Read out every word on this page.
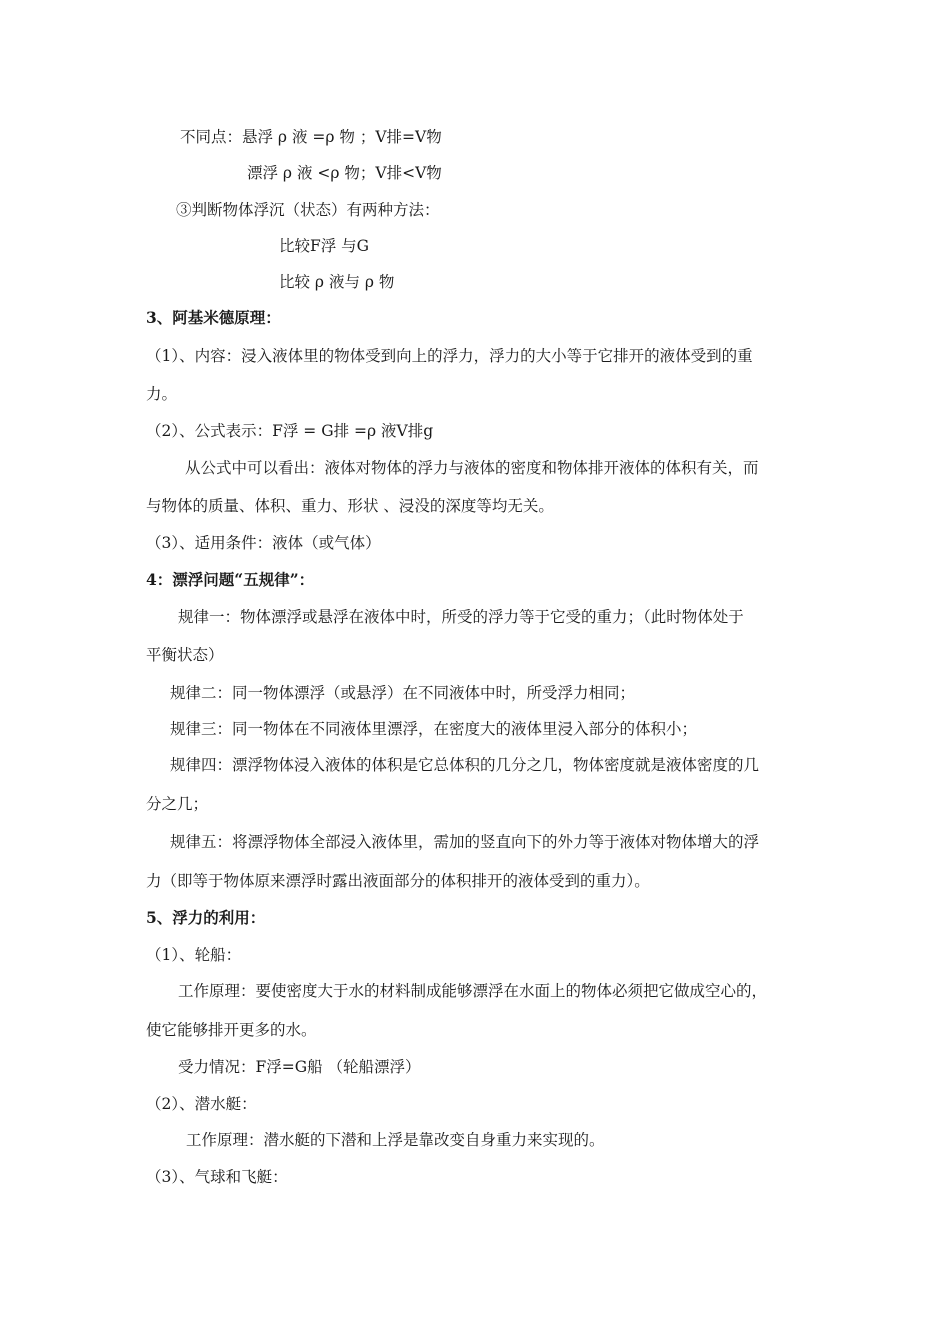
不同点：悬浮 ρ 液 =ρ 物 ；V排=V物
漂浮 ρ 液 <ρ 物；V排<V物
③判断物体浮沉（状态）有两种方法：
比较F浮 与G
比较 ρ 液与 ρ 物
3、阿基米德原理：
（1）、内容：浸入液体里的物体受到向上的浮力，浮力的大小等于它排开的液体受到的重
力。
（2）、公式表示：F浮 = G排 =ρ 液V排g
从公式中可以看出：液体对物体的浮力与液体的密度和物体排开液体的体积有关，而
与物体的质量、体积、重力、形状 、浸没的深度等均无关。
（3）、适用条件：液体（或气体）
4：漂浮问题“五规律”：
规律一：物体漂浮或悬浮在液体中时，所受的浮力等于它受的重力；（此时物体处于
平衡状态）
规律二：同一物体漂浮（或悬浮）在不同液体中时，所受浮力相同；
规律三：同一物体在不同液体里漂浮，在密度大的液体里浸入部分的体积小；
规律四：漂浮物体浸入液体的体积是它总体积的几分之几，物体密度就是液体密度的几
分之几；
规律五：将漂浮物体全部浸入液体里，需加的竖直向下的外力等于液体对物体增大的浮
力（即等于物体原来漂浮时露出液面部分的体积排开的液体受到的重力）。
5、浮力的利用：
（1）、轮船：
工作原理：要使密度大于水的材料制成能够漂浮在水面上的物体必须把它做成空心的，
使它能够排开更多的水。
受力情况：F浮=G船 （轮船漂浮）
（2）、潜水艇：
工作原理：潜水艇的下潜和上浮是靠改变自身重力来实现的。
（3）、气球和飞艇：
